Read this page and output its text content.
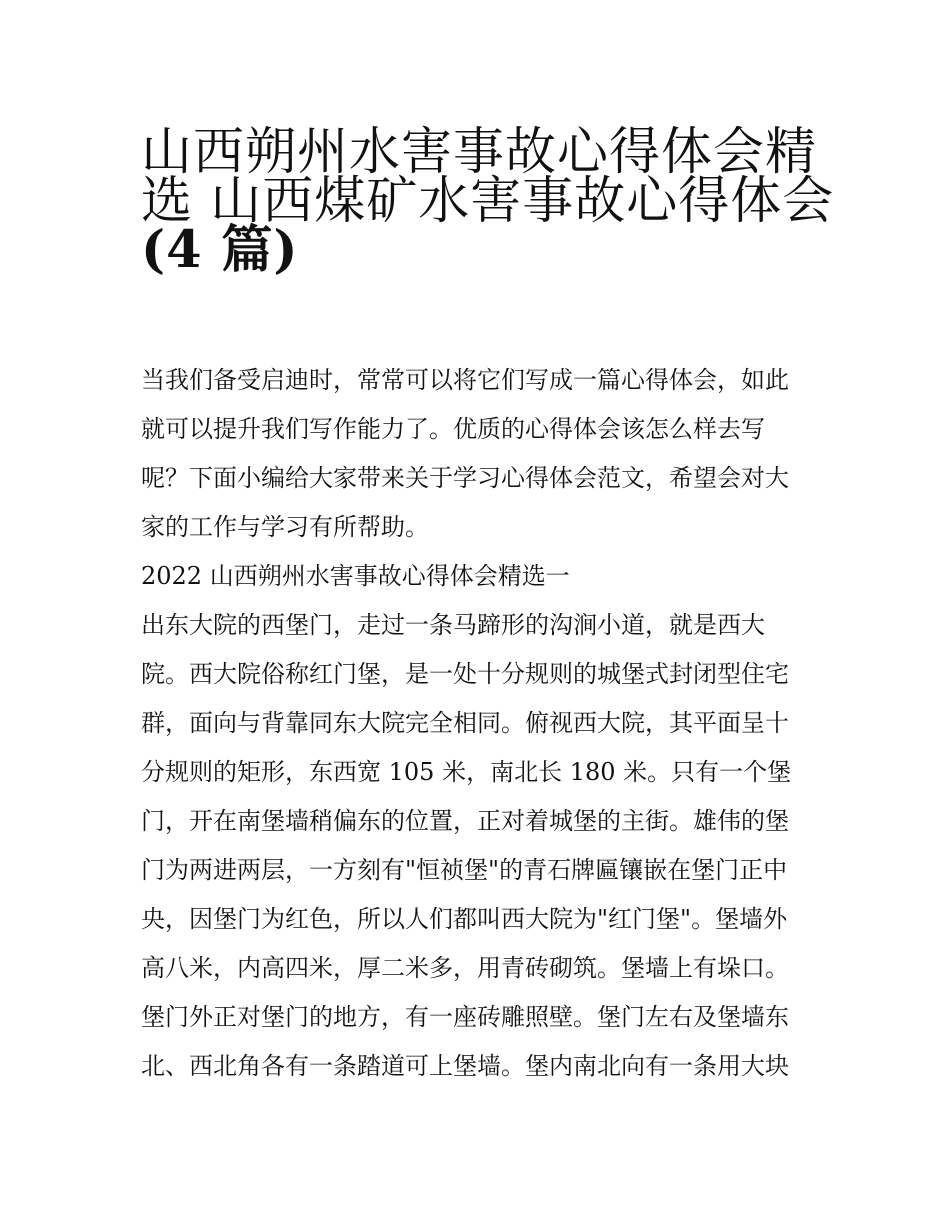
山西朔州水害事故心得体会精
选 山西煤矿水害事故心得体会
(4 篇)
当我们备受启迪时，常常可以将它们写成一篇心得体会，如此
就可以提升我们写作能力了。优质的心得体会该怎么样去写
呢？下面小编给大家带来关于学习心得体会范文，希望会对大
家的工作与学习有所帮助。
2022 山西朔州水害事故心得体会精选一
出东大院的西堡门，走过一条马蹄形的沟涧小道，就是西大
院。西大院俗称红门堡，是一处十分规则的城堡式封闭型住宅
群，面向与背靠同东大院完全相同。俯视西大院，其平面呈十
分规则的矩形，东西宽 105 米，南北长 180 米。只有一个堡
门，开在南堡墙稍偏东的位置，正对着城堡的主街。雄伟的堡
门为两进两层，一方刻有"恒祯堡"的青石牌匾镶嵌在堡门正中
央，因堡门为红色，所以人们都叫西大院为"红门堡"。堡墙外
高八米，内高四米，厚二米多，用青砖砌筑。堡墙上有垛口。
堡门外正对堡门的地方，有一座砖雕照壁。堡门左右及堡墙东
北、西北角各有一条踏道可上堡墙。堡内南北向有一条用大块
